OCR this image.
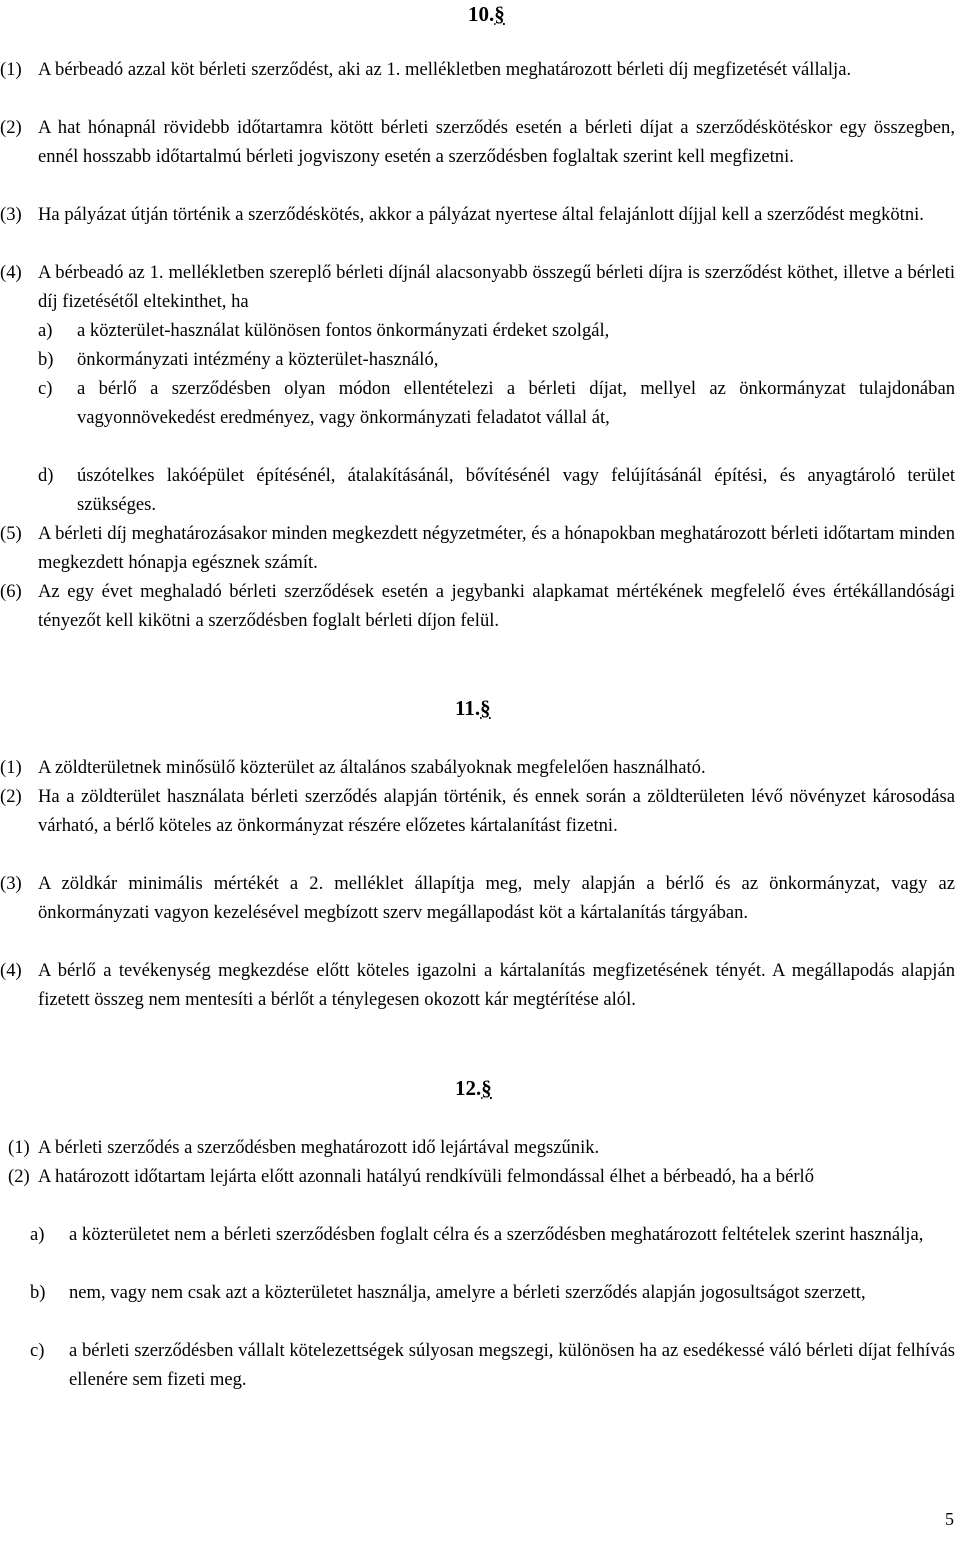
10.§
(1) A bérbeadó azzal köt bérleti szerződést, aki az 1. mellékletben meghatározott bérleti díj megfizetését vállalja.
(2) A hat hónapnál rövidebb időtartamra kötött bérleti szerződés esetén a bérleti díjat a szerződéskötéskor egy összegben, ennél hosszabb időtartalmú bérleti jogviszony esetén a szerződésben foglaltak szerint kell megfizetni.
(3) Ha pályázat útján történik a szerződéskötés, akkor a pályázat nyertese által felajánlott díjjal kell a szerződést megkötni.
(4) A bérbeadó az 1. mellékletben szereplő bérleti díjnál alacsonyabb összegű bérleti díjra is szerződést köthet, illetve a bérleti díj fizetésétől eltekinthet, ha
a) a közterület-használat különösen fontos önkormányzati érdeket szolgál,
b) önkormányzati intézmény a közterület-használó,
c) a bérlő a szerződésben olyan módon ellentételezi a bérleti díjat, mellyel az önkormányzat tulajdonában vagyonnövekedést eredményez, vagy önkormányzati feladatot vállal át,
d) úszótelkes lakóépület építésénél, átalakításánál, bővítésénél vagy felújításánál építési, és anyagtároló terület szükséges.
(5) A bérleti díj meghatározásakor minden megkezdett négyzetméter, és a hónapokban meghatározott bérleti időtartam minden megkezdett hónapja egésznek számít.
(6) Az egy évet meghaladó bérleti szerződések esetén a jegybanki alapkamat mértékének megfelelő éves értékállandósági tényezőt kell kikötni a szerződésben foglalt bérleti díjon felül.
11.§
(1) A zöldterületnek minősülő közterület az általános szabályoknak megfelelően használható.
(2) Ha a zöldterület használata bérleti szerződés alapján történik, és ennek során a zöldterületen lévő növényzet károsodása várható, a bérlő köteles az önkormányzat részére előzetes kártalanítást fizetni.
(3) A zöldkár minimális mértékét a 2. melléklet állapítja meg, mely alapján a bérlő és az önkormányzat, vagy az önkormányzati vagyon kezelésével megbízott szerv megállapodást köt a kártalanítás tárgyában.
(4) A bérlő a tevékenység megkezdése előtt köteles igazolni a kártalanítás megfizetésének tényét. A megállapodás alapján fizetett összeg nem mentesíti a bérlőt a ténylegesen okozott kár megtérítése alól.
12.§
(1) A bérleti szerződés a szerződésben meghatározott idő lejártával megszűnik.
(2) A határozott időtartam lejárta előtt azonnali hatályú rendkívüli felmondással élhet a bérbeadó, ha a bérlő
a) a közterületet nem a bérleti szerződésben foglalt célra és a szerződésben meghatározott feltételek szerint használja,
b) nem, vagy nem csak azt a közterületet használja, amelyre a bérleti szerződés alapján jogosultságot szerzett,
c) a bérleti szerződésben vállalt kötelezettségek súlyosan megszegi, különösen ha az esedékessé váló bérleti díjat felhívás ellenére sem fizeti meg.
5
